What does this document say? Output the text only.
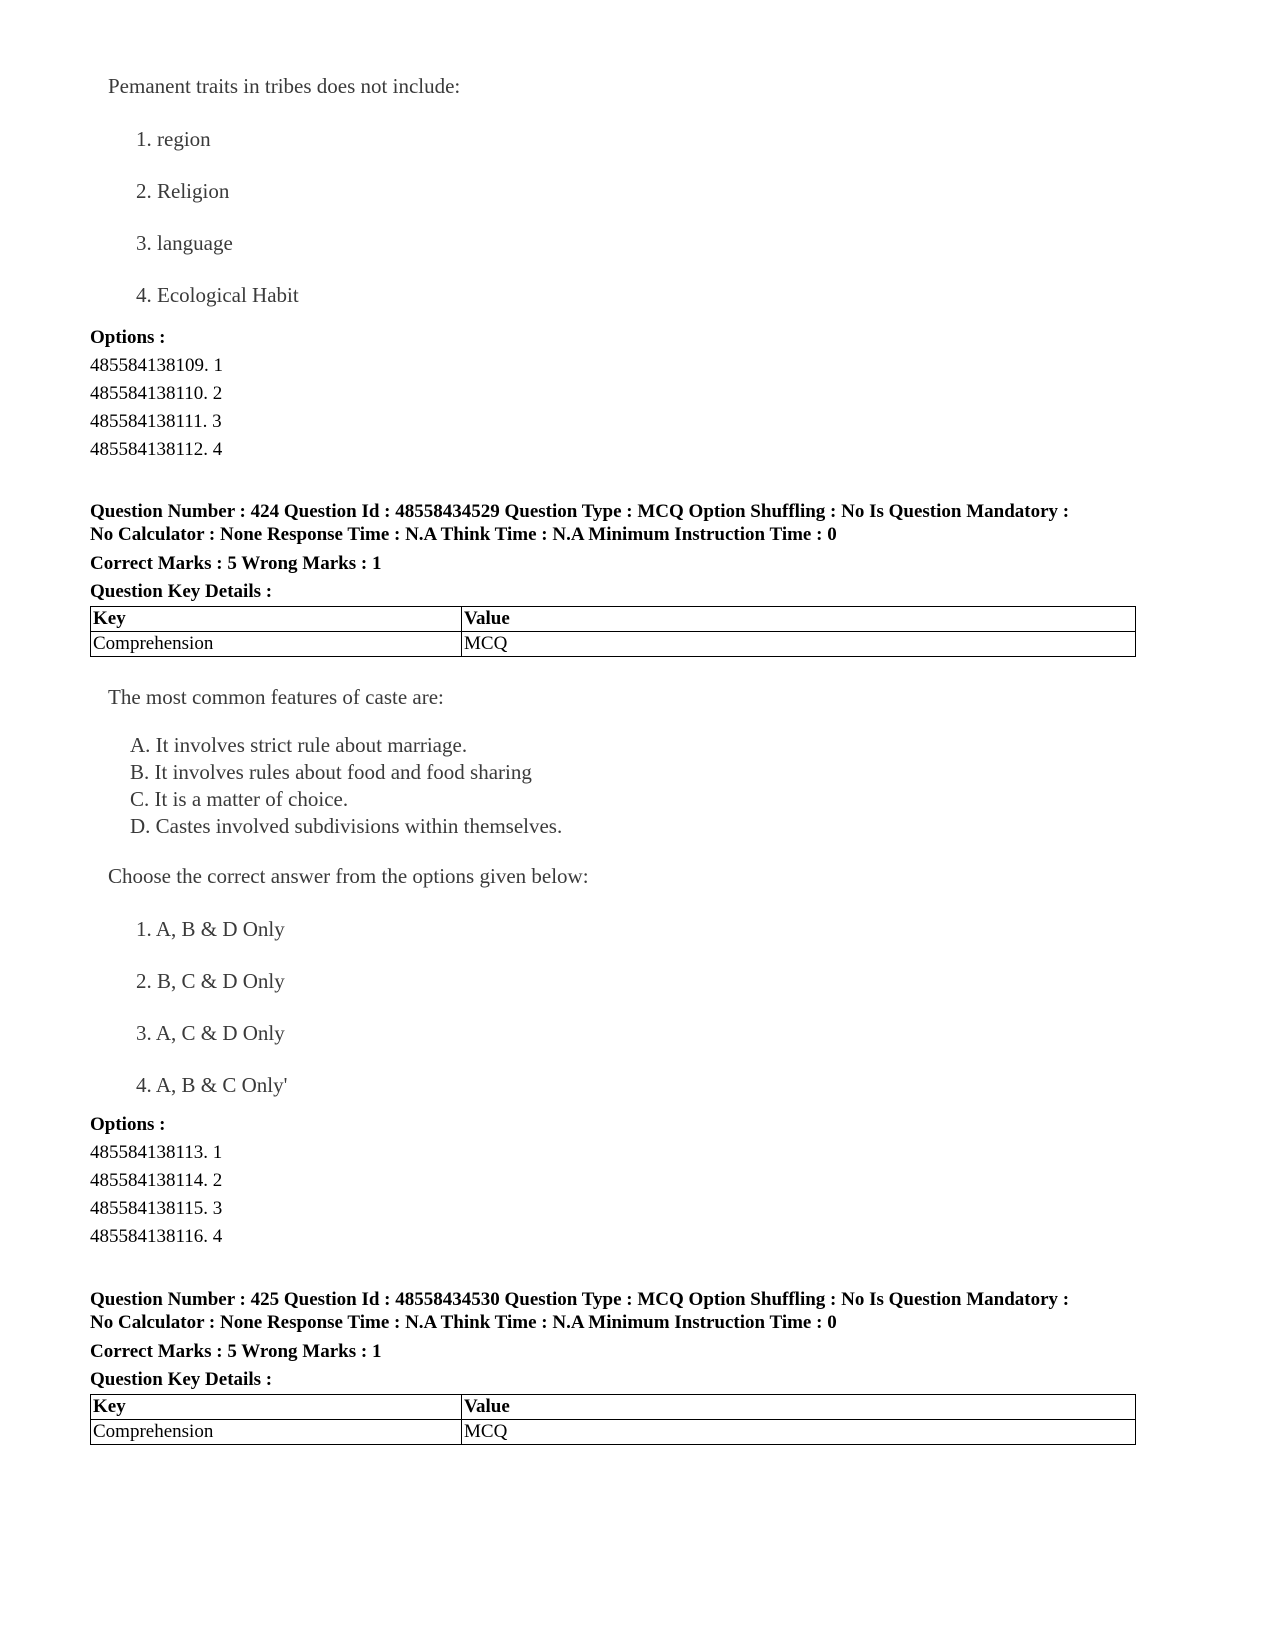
Pemanent traits in tribes does not include:
1. region
2. Religion
3. language
4. Ecological Habit
Options :
485584138109. 1
485584138110. 2
485584138111. 3
485584138112. 4
Question Number : 424 Question Id : 48558434529 Question Type : MCQ Option Shuffling : No Is Question Mandatory :
No Calculator : None Response Time : N.A Think Time : N.A Minimum Instruction Time : 0
Correct Marks : 5 Wrong Marks : 1
Question Key Details :
Key	Value
Comprehension	MCQ
The most common features of caste are:
A. It involves strict rule about marriage.
B. It involves rules about food and food sharing
C. It is a matter of choice.
D. Castes involved subdivisions within themselves.
Choose the correct answer from the options given below:
1. A, B & D Only
2. B, C & D Only
3. A, C & D Only
4. A, B & C Only'
Options :
485584138113. 1
485584138114. 2
485584138115. 3
485584138116. 4
Question Number : 425 Question Id : 48558434530 Question Type : MCQ Option Shuffling : No Is Question Mandatory :
No Calculator : None Response Time : N.A Think Time : N.A Minimum Instruction Time : 0
Correct Marks : 5 Wrong Marks : 1
Question Key Details :
Key	Value
Comprehension	MCQ
